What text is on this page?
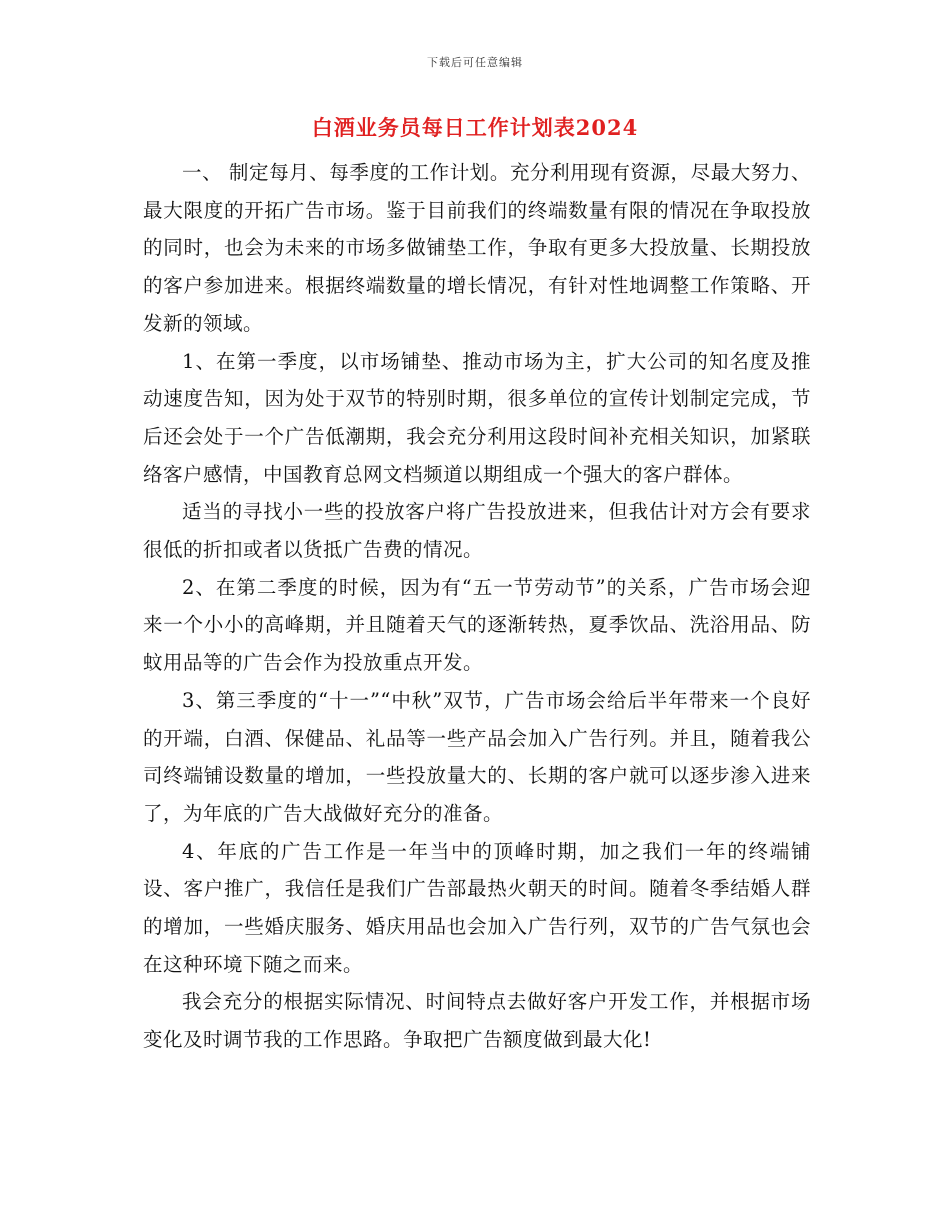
下载后可任意编辑
白酒业务员每日工作计划表2024

一、 制定每月、每季度的工作计划。充分利用现有资源，尽最大努力、最大限度的开拓广告市场。鉴于目前我们的终端数量有限的情况在争取投放的同时，也会为未来的市场多做铺垫工作，争取有更多大投放量、长期投放的客户参加进来。根据终端数量的增长情况，有针对性地调整工作策略、开发新的领域。

1、在第一季度，以市场铺垫、推动市场为主，扩大公司的知名度及推动速度告知，因为处于双节的特别时期，很多单位的宣传计划制定完成，节后还会处于一个广告低潮期，我会充分利用这段时间补充相关知识，加紧联络客户感情，中国教育总网文档频道以期组成一个强大的客户群体。

适当的寻找小一些的投放客户将广告投放进来，但我估计对方会有要求很低的折扣或者以货抵广告费的情况。

2、在第二季度的时候，因为有“五一节劳动节”的关系，广告市场会迎来一个小小的高峰期，并且随着天气的逐渐转热，夏季饮品、洗浴用品、防蚊用品等的广告会作为投放重点开发。

3、第三季度的“十一”“中秋”双节，广告市场会给后半年带来一个良好的开端，白酒、保健品、礼品等一些产品会加入广告行列。并且，随着我公司终端铺设数量的增加，一些投放量大的、长期的客户就可以逐步渗入进来了，为年底的广告大战做好充分的准备。

4、年底的广告工作是一年当中的顶峰时期，加之我们一年的终端铺设、客户推广，我信任是我们广告部最热火朝天的时间。随着冬季结婚人群的增加，一些婚庆服务、婚庆用品也会加入广告行列，双节的广告气氛也会在这种环境下随之而来。

我会充分的根据实际情况、时间特点去做好客户开发工作，并根据市场变化及时调节我的工作思路。争取把广告额度做到最大化!
